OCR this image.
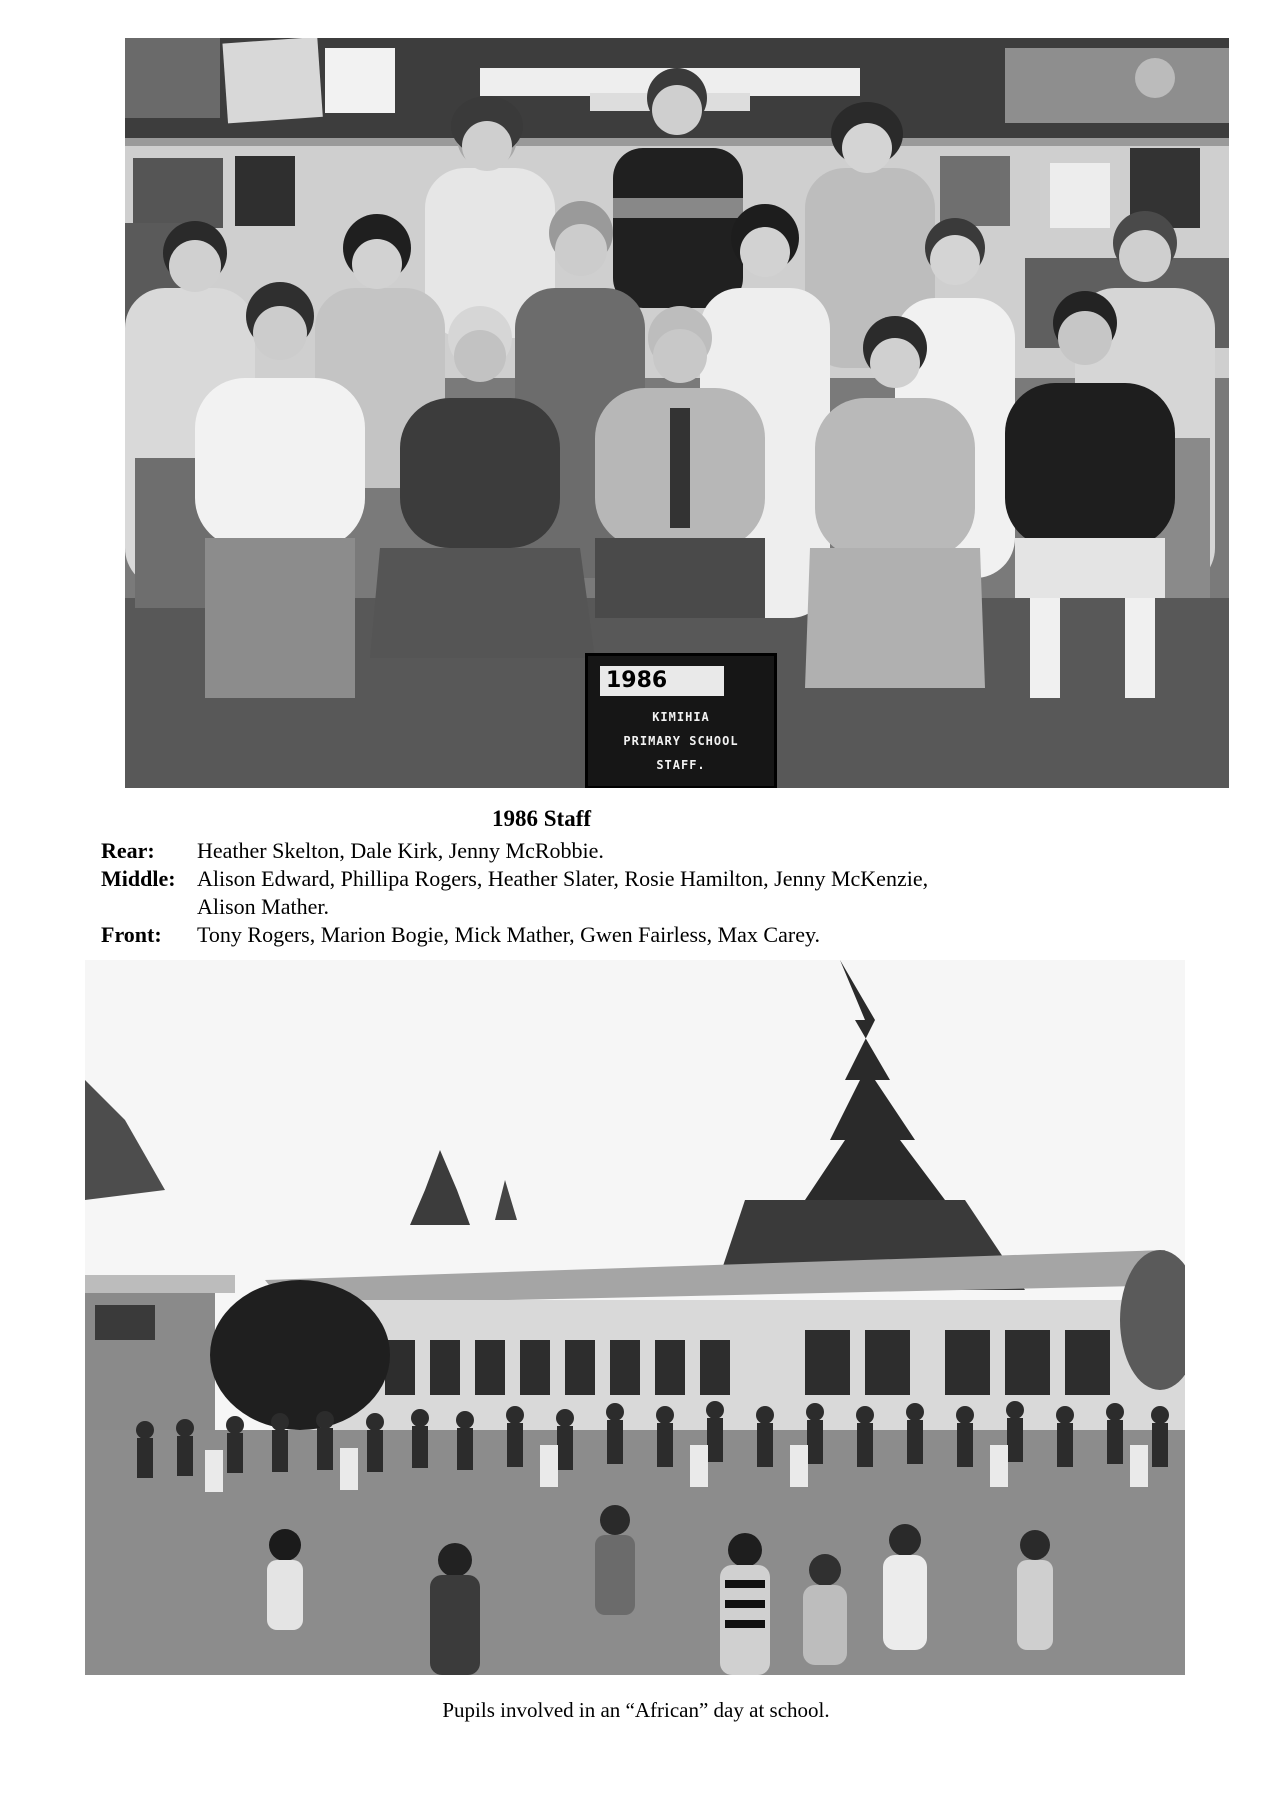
1986
KIMIHIA
PRIMARY SCHOOL
STAFF.
1986 Staff
Rear: Heather Skelton, Dale Kirk, Jenny McRobbie.
Middle: Alison Edward, Phillipa Rogers, Heather Slater, Rosie Hamilton, Jenny McKenzie,
Alison Mather.
Front: Tony Rogers, Marion Bogie, Mick Mather, Gwen Fairless, Max Carey.
Pupils involved in an “African” day at school.
